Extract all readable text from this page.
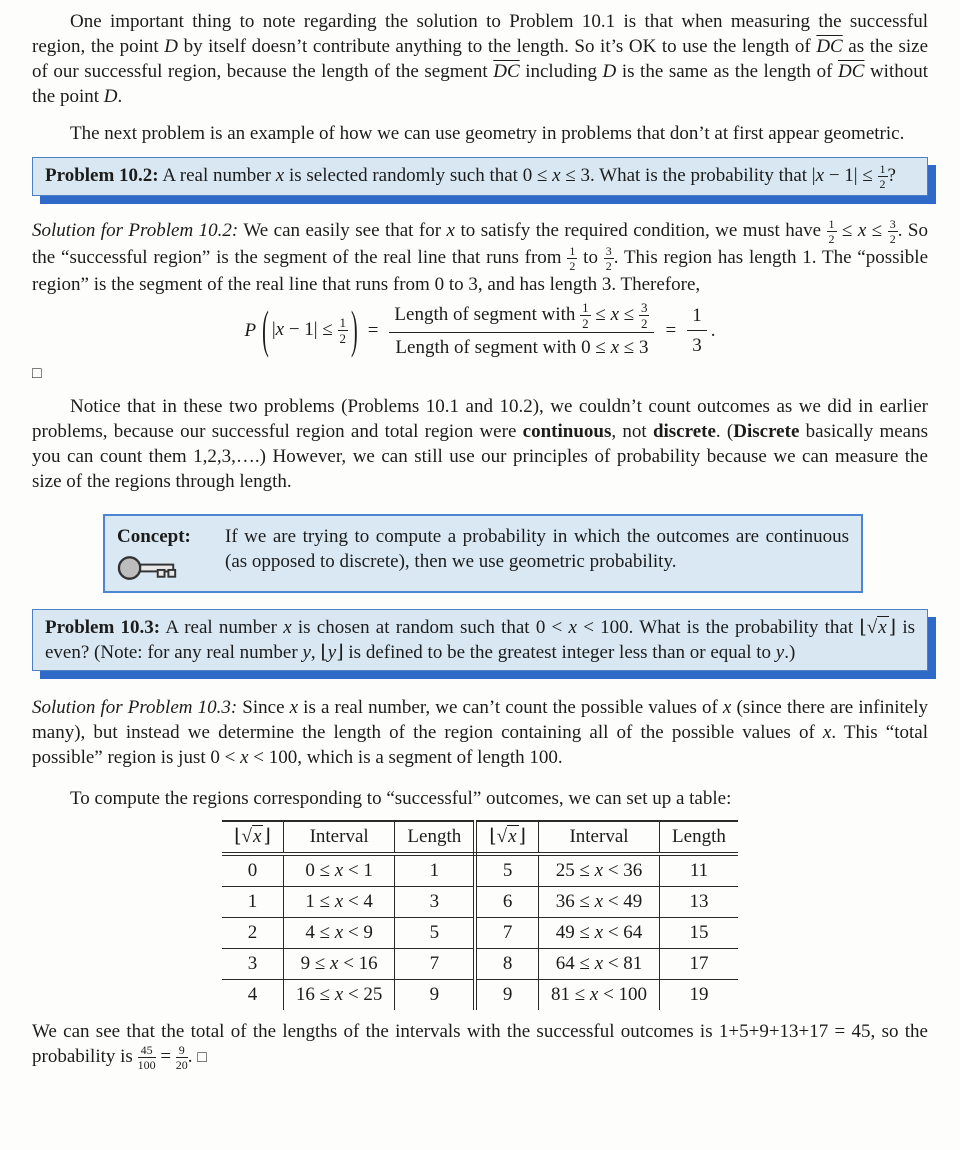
One important thing to note regarding the solution to Problem 10.1 is that when measuring the successful region, the point D by itself doesn’t contribute anything to the length. So it’s OK to use the length of $\overline{DC}$ as the size of our successful region, because the length of the segment $\overline{DC}$ including D is the same as the length of $\overline{DC}$ without the point D.

The next problem is an example of how we can use geometry in problems that don’t at first appear geometric.

Problem 10.2: A real number x is selected randomly such that 0 ≤ x ≤ 3. What is the probability that $|x - 1| \le \frac{1}{2}$ ?

Solution for Problem 10.2: We can easily see that for x to satisfy the required condition, we must have $\frac{1}{2} \le x \le \frac{3}{2}$ . So the “successful region” is the segment of the real line that runs from $\frac{1}{2}$ to $\frac{3}{2}$ . This region has length 1. The “possible region” is the segment of the real line that runs from 0 to 3, and has length 3. Therefore,

P ( $|x - 1| \le \frac{1}{2}$ ) = $\frac{Length of segment with \frac{1}{2} \le x \le \frac{3}{2}}{\text{Length of segment with 0 ≤ x ≤ 3}} = \frac{1}{3}$ .
□

Notice that in these two problems (Problems 10.1 and 10.2), we couldn’t count outcomes as we did in earlier problems, because our successful region and total region were continuous, not discrete. (Discrete basically means you can count them 1,2,3,….) However, we can still use our principles of probability because we can measure the size of the regions through length.

Concept:	If we are trying to compute a probability in which the outcomes are continuous (as opposed to discrete), then we use geometric probability.

Problem 10.3: A real number x is chosen at random such that 0 < x < 100. What is the probability that ⌊√x ⌋ is even? (Note: for any real number y, ⌊y⌋ is defined to be the greatest integer less than or equal to y.)

Solution for Problem 10.3: Since x is a real number, we can’t count the possible values of x (since there are infinitely many), but instead we determine the length of the region containing all of the possible values of x. This “total possible” region is just 0 < x < 100, which is a segment of length 100.

To compute the regions corresponding to “successful” outcomes, we can set up a table:

⌊√x ⌋	Interval	Length	⌊√x ⌋	Interval	Length
0	0 ≤ x < 1	1	5	25 ≤ x < 36	11
1	1 ≤ x < 4	3	6	36 ≤ x < 49	13
2	4 ≤ x < 9	5	7	49 ≤ x < 64	15
3	9 ≤ x < 16	7	8	64 ≤ x < 81	17
4	16 ≤ x < 25	9	9	81 ≤ x < 100	19

We can see that the total of the lengths of the intervals with the successful outcomes is 1+5+9+13+17 = 45, so the probability is $\frac{45}{100} = \frac{9}{20}$ . □
